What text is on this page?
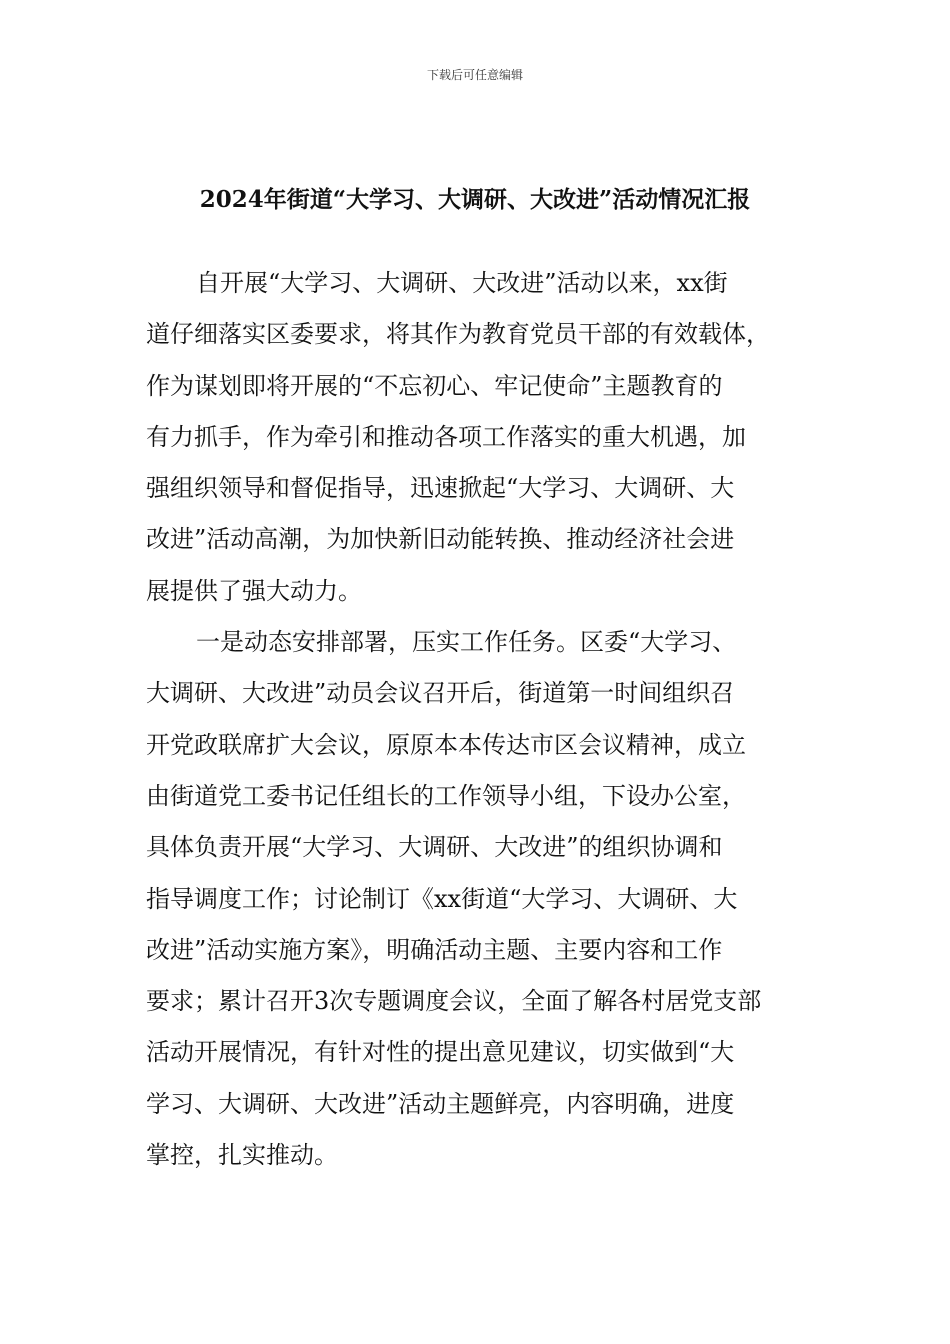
下载后可任意编辑
2024年街道“大学习、大调研、大改进”活动情况汇报
自开展“大学习、大调研、大改进”活动以来，xx街
道仔细落实区委要求，将其作为教育党员干部的有效载体，
作为谋划即将开展的“不忘初心、牢记使命”主题教育的
有力抓手，作为牵引和推动各项工作落实的重大机遇，加
强组织领导和督促指导，迅速掀起“大学习、大调研、大
改进”活动高潮，为加快新旧动能转换、推动经济社会进
展提供了强大动力。
一是动态安排部署，压实工作任务。区委“大学习、
大调研、大改进”动员会议召开后，街道第一时间组织召
开党政联席扩大会议，原原本本传达市区会议精神，成立
由街道党工委书记任组长的工作领导小组，下设办公室，
具体负责开展“大学习、大调研、大改进”的组织协调和
指导调度工作；讨论制订《xx街道“大学习、大调研、大
改进”活动实施方案》，明确活动主题、主要内容和工作
要求；累计召开3次专题调度会议，全面了解各村居党支部
活动开展情况，有针对性的提出意见建议，切实做到“大
学习、大调研、大改进”活动主题鲜亮，内容明确，进度
掌控，扎实推动。
